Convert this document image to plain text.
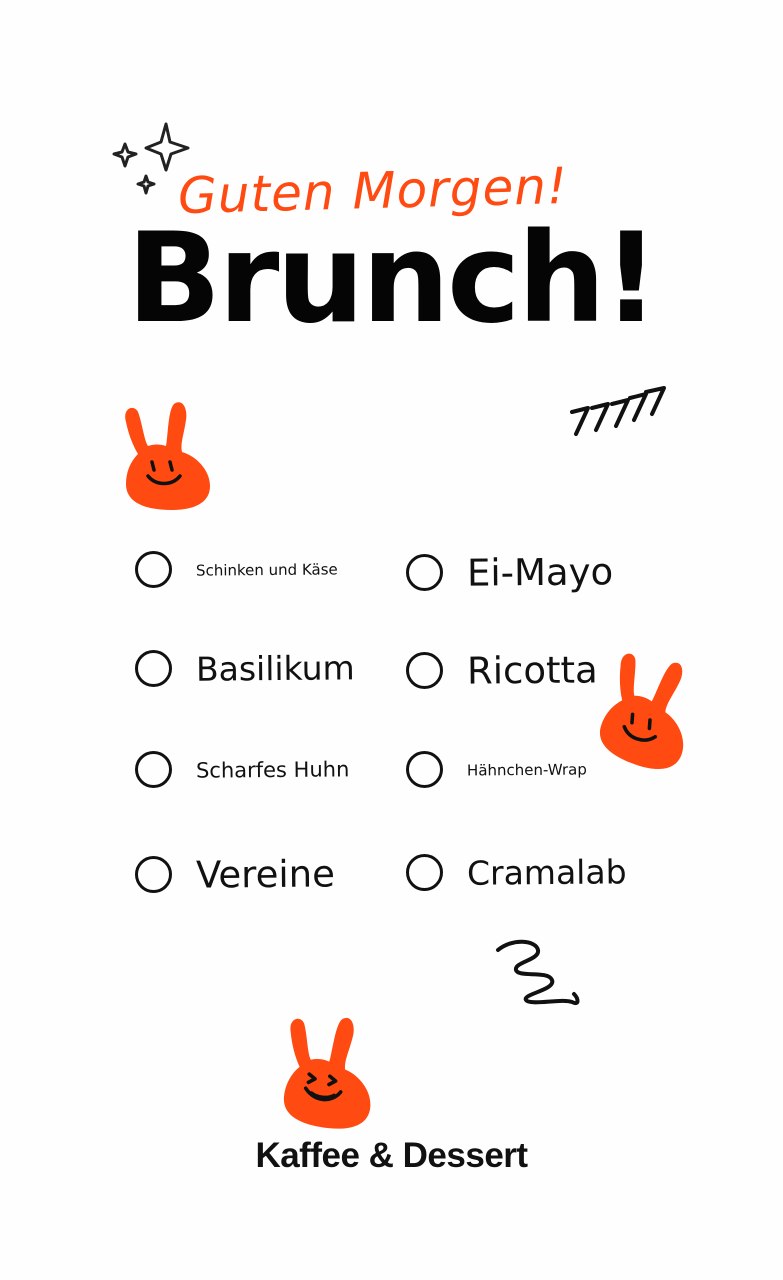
Guten Morgen!
Brunch!
Schinken und Käse	Ei-Mayo
Basilikum	Ricotta
Scharfes Huhn	Hähnchen-Wrap
Vereine	Cramalab
Kaffee & Dessert
